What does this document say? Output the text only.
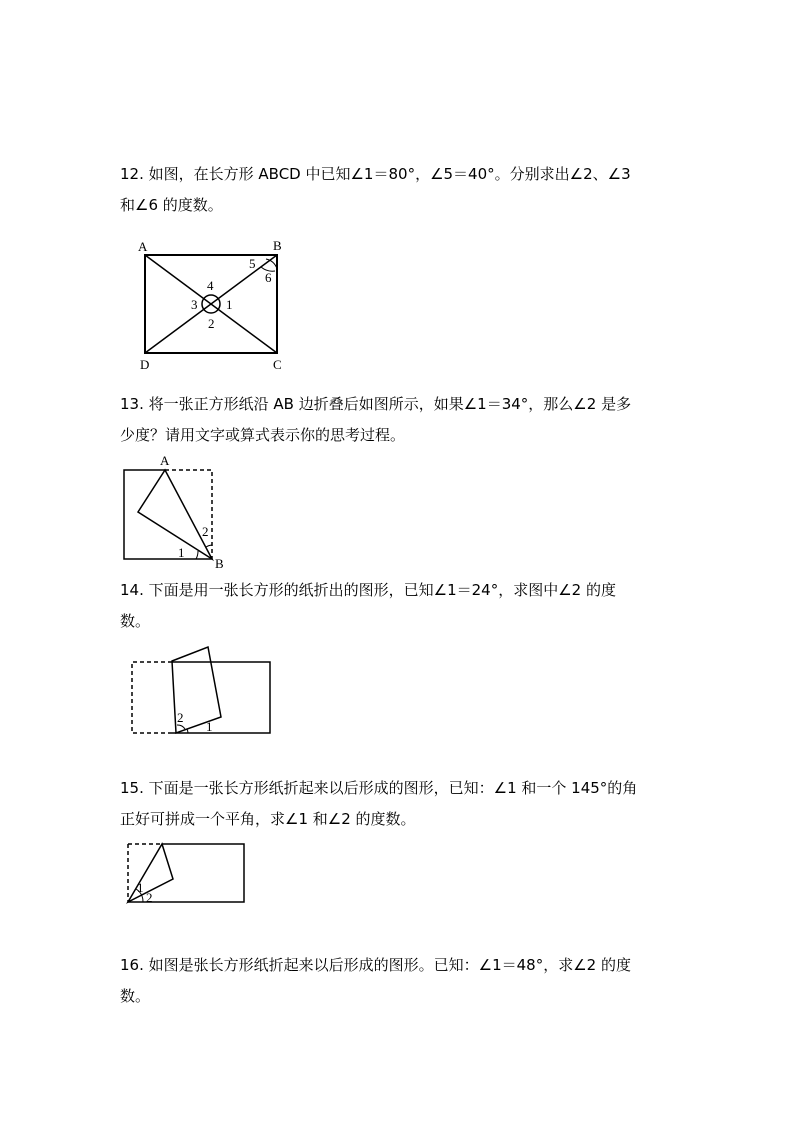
12. 如图，在长方形 ABCD 中已知∠1＝80°，∠5＝40°。分别求出∠2、∠3
和∠6 的度数。
A	B
C
D
1
2
3
4
5
6
13. 将一张正方形纸沿 AB 边折叠后如图所示，如果∠1＝34°，那么∠2 是多
少度？请用文字或算式表示你的思考过程。
A
B
1
2
14. 下面是用一张长方形的纸折出的图形，已知∠1＝24°，求图中∠2 的度
数。
2
1
15. 下面是一张长方形纸折起来以后形成的图形，已知：∠1 和一个 145°的角
正好可拼成一个平角，求∠1 和∠2 的度数。
1
2
16. 如图是张长方形纸折起来以后形成的图形。已知：∠1＝48°，求∠2 的度
数。
